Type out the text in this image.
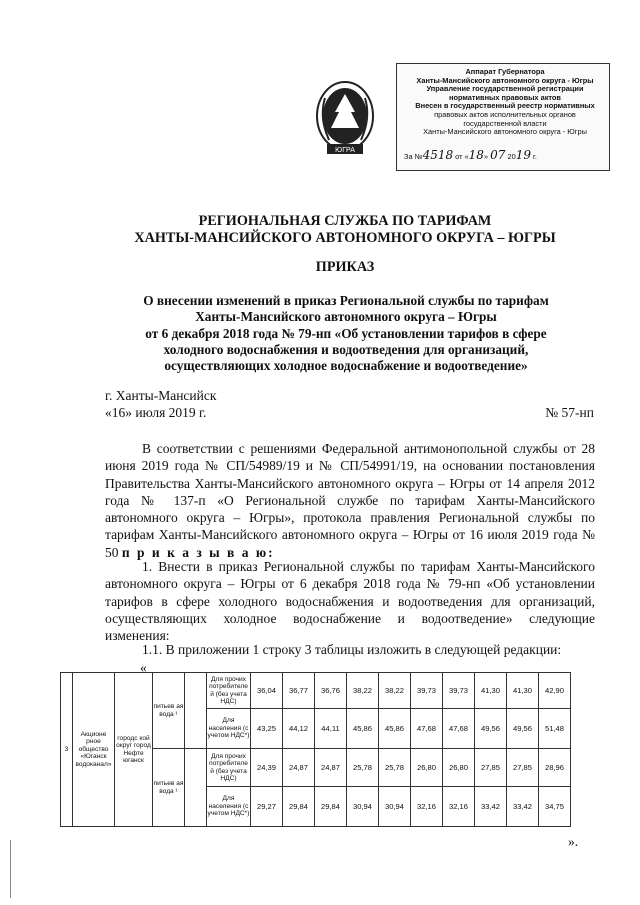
ЮГРА
Аппарат Губернатора
Ханты-Мансийского автономного округа - Югры
Управление государственной регистрации
нормативных правовых актов
Внесен в государственный реестр нормативных
правовых актов исполнительных органов
государственной власти
Ханты-Мансийского автономного округа - Югры
За №4518 от «18» 07 2019 г.
РЕГИОНАЛЬНАЯ СЛУЖБА ПО ТАРИФАМ
ХАНТЫ-МАНСИЙСКОГО АВТОНОМНОГО ОКРУГА – ЮГРЫ
ПРИКАЗ
О внесении изменений в приказ Региональной службы по тарифам
Ханты-Мансийского автономного округа – Югры
от 6 декабря 2018 года № 79-нп «Об установлении тарифов в сфере
холодного водоснабжения и водоотведения для организаций,
осуществляющих холодное водоснабжение и водоотведение»
г. Ханты-Мансийск
«16» июля 2019 г.	№ 57-нп
В соответствии с решениями Федеральной антимонопольной службы от 28 июня 2019 года № СП/54989/19 и № СП/54991/19, на основании постановления Правительства Ханты-Мансийского автономного округа – Югры от 14 апреля 2012 года № 137-п «О Региональной службе по тарифам Ханты-Мансийского автономного округа – Югры», протокола правления Региональной службы по тарифам Ханты-Мансийского автономного округа – Югры от 16 июля 2019 года № 50 п р и к а з ы в а ю:
1. Внести в приказ Региональной службы по тарифам Ханты-Мансийского автономного округа – Югры от 6 декабря 2018 года № 79-нп «Об установлении тарифов в сфере холодного водоснабжения и водоотведения для организаций, осуществляющих холодное водоснабжение и водоотведение» следующие изменения:
1.1. В приложении 1 строку 3 таблицы изложить в следующей редакции:
«
3	Акционе рное общество «Юганск водоканал»	городс кой округ город Нефте юганск	питьев ая вода ¹		Для прочих потребителе й (без учета НДС)	36,04	36,77	36,76	38,22	38,22	39,73	39,73	41,30	41,30	42,90
					Для населения (с учетом НДС*)	43,25	44,12	44,11	45,86	45,86	47,68	47,68	49,56	49,56	51,48
			питьев ая вода ¹		Для прочих потребителе й (без учета НДС)	24,39	24,87	24,87	25,78	25,78	26,80	26,80	27,85	27,85	28,96
					Для населения (с учетом НДС*)	29,27	29,84	29,84	30,94	30,94	32,16	32,16	33,42	33,42	34,75
».
